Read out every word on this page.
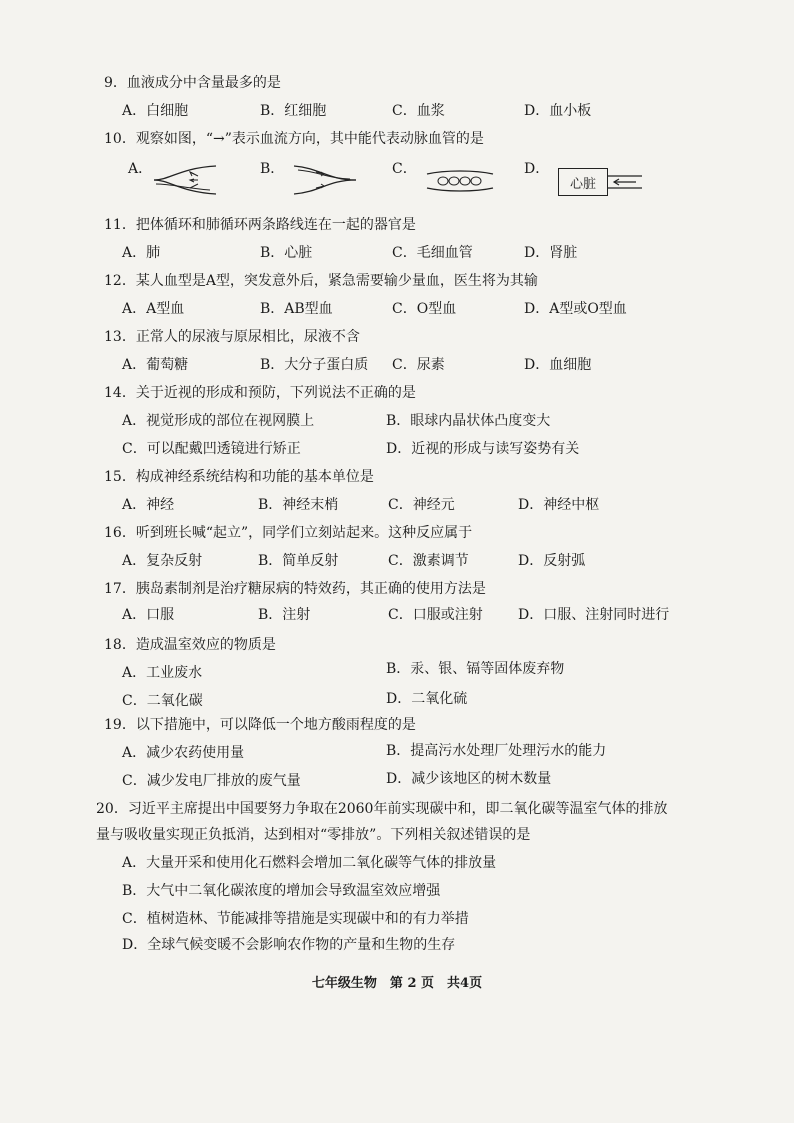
9．血液成分中含量最多的是
A．白细胞	B．红细胞	C．血浆	D．血小板
10．观察如图，“→”表示血流方向，其中能代表动脉血管的是
A．	B．	C．	D．
心脏
11．把体循环和肺循环两条路线连在一起的器官是
A．肺	B．心脏	C．毛细血管	D．肾脏
12．某人血型是A型，突发意外后，紧急需要输少量血，医生将为其输
A．A型血	B．AB型血	C．O型血	D．A型或O型血
13．正常人的尿液与原尿相比，尿液不含
A．葡萄糖	B．大分子蛋白质 C．尿素	D．血细胞
14．关于近视的形成和预防，下列说法不正确的是
A．视觉形成的部位在视网膜上	B．眼球内晶状体凸度变大
C．可以配戴凹透镜进行矫正	D．近视的形成与读写姿势有关
15．构成神经系统结构和功能的基本单位是
A．神经	B．神经末梢	C．神经元	D．神经中枢
16．听到班长喊“起立”，同学们立刻站起来。这种反应属于
A．复杂反射	B．简单反射	C．激素调节	D．反射弧
17．胰岛素制剂是治疗糖尿病的特效药，其正确的使用方法是
A．口服	B．注射	C．口服或注射	D．口服、注射同时进行
18．造成温室效应的物质是
A．工业废水	B．汞、银、镉等固体废弃物
C．二氧化碳	D．二氧化硫
19．以下措施中，可以降低一个地方酸雨程度的是
A．减少农药使用量	B．提高污水处理厂处理污水的能力
C．减少发电厂排放的废气量	D．减少该地区的树木数量
20．习近平主席提出中国要努力争取在2060年前实现碳中和，即二氧化碳等温室气体的排放
量与吸收量实现正负抵消，达到相对“零排放”。下列相关叙述错误的是
A．大量开采和使用化石燃料会增加二氧化碳等气体的排放量
B．大气中二氧化碳浓度的增加会导致温室效应增强
C．植树造林、节能减排等措施是实现碳中和的有力举措
D．全球气候变暖不会影响农作物的产量和生物的生存
七年级生物　第 2 页　共4页
